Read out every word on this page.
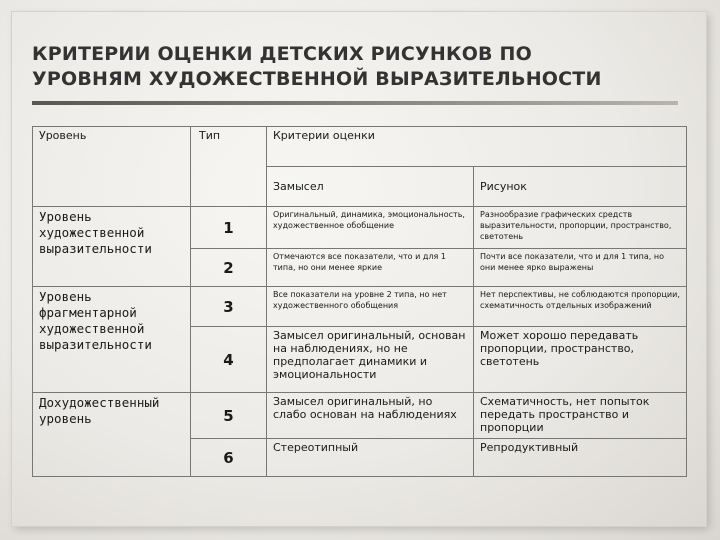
КРИТЕРИИ ОЦЕНКИ ДЕТСКИХ РИСУНКОВ ПО
УРОВНЯМ ХУДОЖЕСТВЕННОЙ ВЫРАЗИТЕЛЬНОСТИ
Уровень	Тип	Критерии оценки	
		Замысел	Рисунок
Уровень художественной выразительности	1	Оригинальный, динамика, эмоциональность, художественное обобщение	Разнообразие графических средств выразительности, пропорции, пространство, светотень
	2	Отмечаются все показатели, что и для 1 типа, но они менее яркие	Почти все показатели, что и для 1 типа, но они менее ярко выражены
Уровень фрагментарной художественной выразительности	3	Все показатели на уровне 2 типа, но нет художественного обобщения	Нет перспективы, не соблюдаются пропорции, схематичность отдельных изображений
	4	Замысел оригинальный, основан на наблюдениях, но не предполагает динамики и эмоциональности	Может хорошо передавать пропорции, пространство, светотень
Дохудожественный уровень	5	Замысел оригинальный, но слабо основан на наблюдениях	Схематичность, нет попыток передать пространство и пропорции
	6	Стереотипный	Репродуктивный
